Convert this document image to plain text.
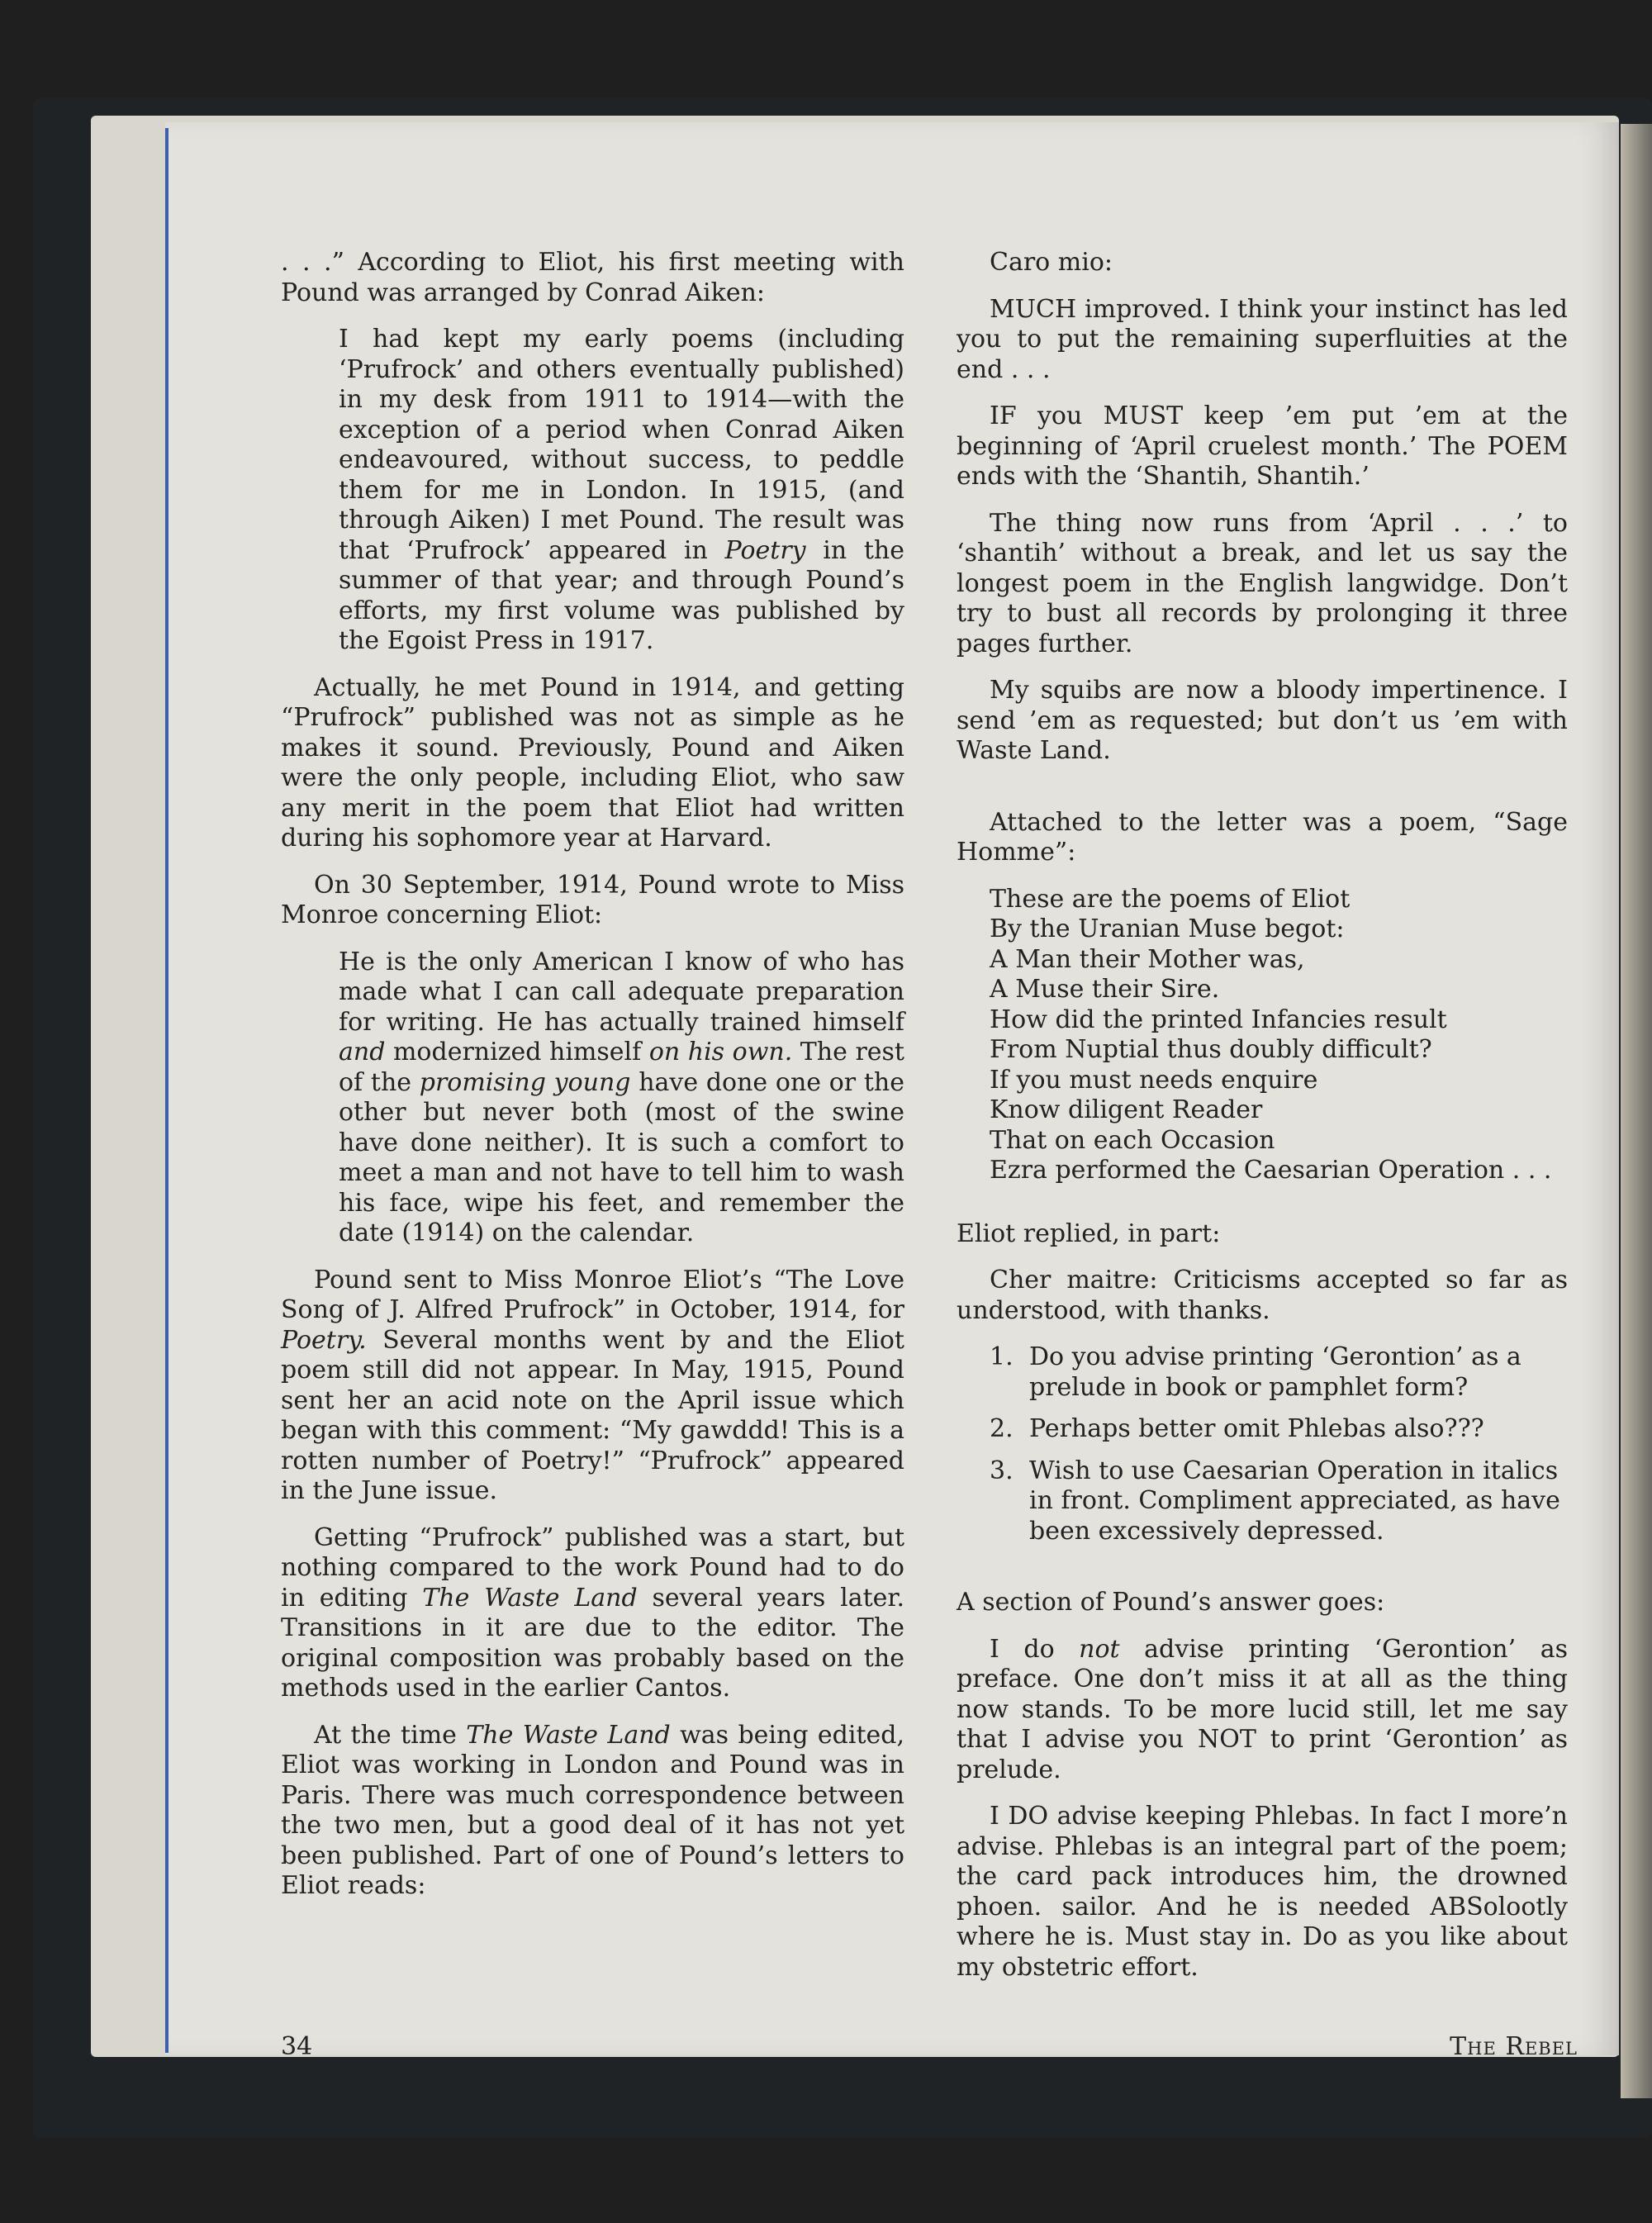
. . .” According to Eliot, his first meeting with Pound was arranged by Conrad Aiken:

I had kept my early poems (including ‘Prufrock’ and others eventually published) in my desk from 1911 to 1914—with the exception of a period when Conrad Aiken endeavoured, without success, to peddle them for me in London. In 1915, (and through Aiken) I met Pound. The result was that ‘Prufrock’ appeared in Poetry in the summer of that year; and through Pound’s efforts, my first volume was published by the Egoist Press in 1917.

Actually, he met Pound in 1914, and getting “Prufrock” published was not as simple as he makes it sound. Previously, Pound and Aiken were the only people, including Eliot, who saw any merit in the poem that Eliot had written during his sophomore year at Harvard.

On 30 September, 1914, Pound wrote to Miss Monroe concerning Eliot:

He is the only American I know of who has made what I can call adequate preparation for writing. He has actually trained himself and modernized himself on his own. The rest of the promising young have done one or the other but never both (most of the swine have done neither). It is such a comfort to meet a man and not have to tell him to wash his face, wipe his feet, and remember the date (1914) on the calendar.

Pound sent to Miss Monroe Eliot’s “The Love Song of J. Alfred Prufrock” in October, 1914, for Poetry. Several months went by and the Eliot poem still did not appear. In May, 1915, Pound sent her an acid note on the April issue which began with this comment: “My gawddd! This is a rotten number of Poetry!” “Prufrock” appeared in the June issue.

Getting “Prufrock” published was a start, but nothing compared to the work Pound had to do in editing The Waste Land several years later. Transitions in it are due to the editor. The original composition was probably based on the methods used in the earlier Cantos.

At the time The Waste Land was being edited, Eliot was working in London and Pound was in Paris. There was much correspondence between the two men, but a good deal of it has not yet been published. Part of one of Pound’s letters to Eliot reads:

Caro mio:

MUCH improved. I think your instinct has led you to put the remaining superfluities at the end . . .

IF you MUST keep ’em put ’em at the beginning of ‘April cruelest month.’ The POEM ends with the ‘Shantih, Shantih.’

The thing now runs from ‘April . . .’ to ‘shantih’ without a break, and let us say the longest poem in the English langwidge. Don’t try to bust all records by prolonging it three pages further.

My squibs are now a bloody impertinence. I send ’em as requested; but don’t us ’em with Waste Land.

Attached to the letter was a poem, “Sage Homme”:

These are the poems of Eliot
By the Uranian Muse begot:
A Man their Mother was,
A Muse their Sire.
How did the printed Infancies result
From Nuptial thus doubly difficult?
If you must needs enquire
Know diligent Reader
That on each Occasion
Ezra performed the Caesarian Operation . . .

Eliot replied, in part:

Cher maitre: Criticisms accepted so far as understood, with thanks.

1. Do you advise printing ‘Gerontion’ as a prelude in book or pamphlet form?
2. Perhaps better omit Phlebas also???
3. Wish to use Caesarian Operation in italics in front. Compliment appreciated, as have been excessively depressed.

A section of Pound’s answer goes:

I do not advise printing ‘Gerontion’ as preface. One don’t miss it at all as the thing now stands. To be more lucid still, let me say that I advise you NOT to print ‘Gerontion’ as prelude.

I DO advise keeping Phlebas. In fact I more’n advise. Phlebas is an integral part of the poem; the card pack introduces him, the drowned phoen. sailor. And he is needed ABSolootly where he is. Must stay in. Do as you like about my obstetric effort.

34	The Rebel
